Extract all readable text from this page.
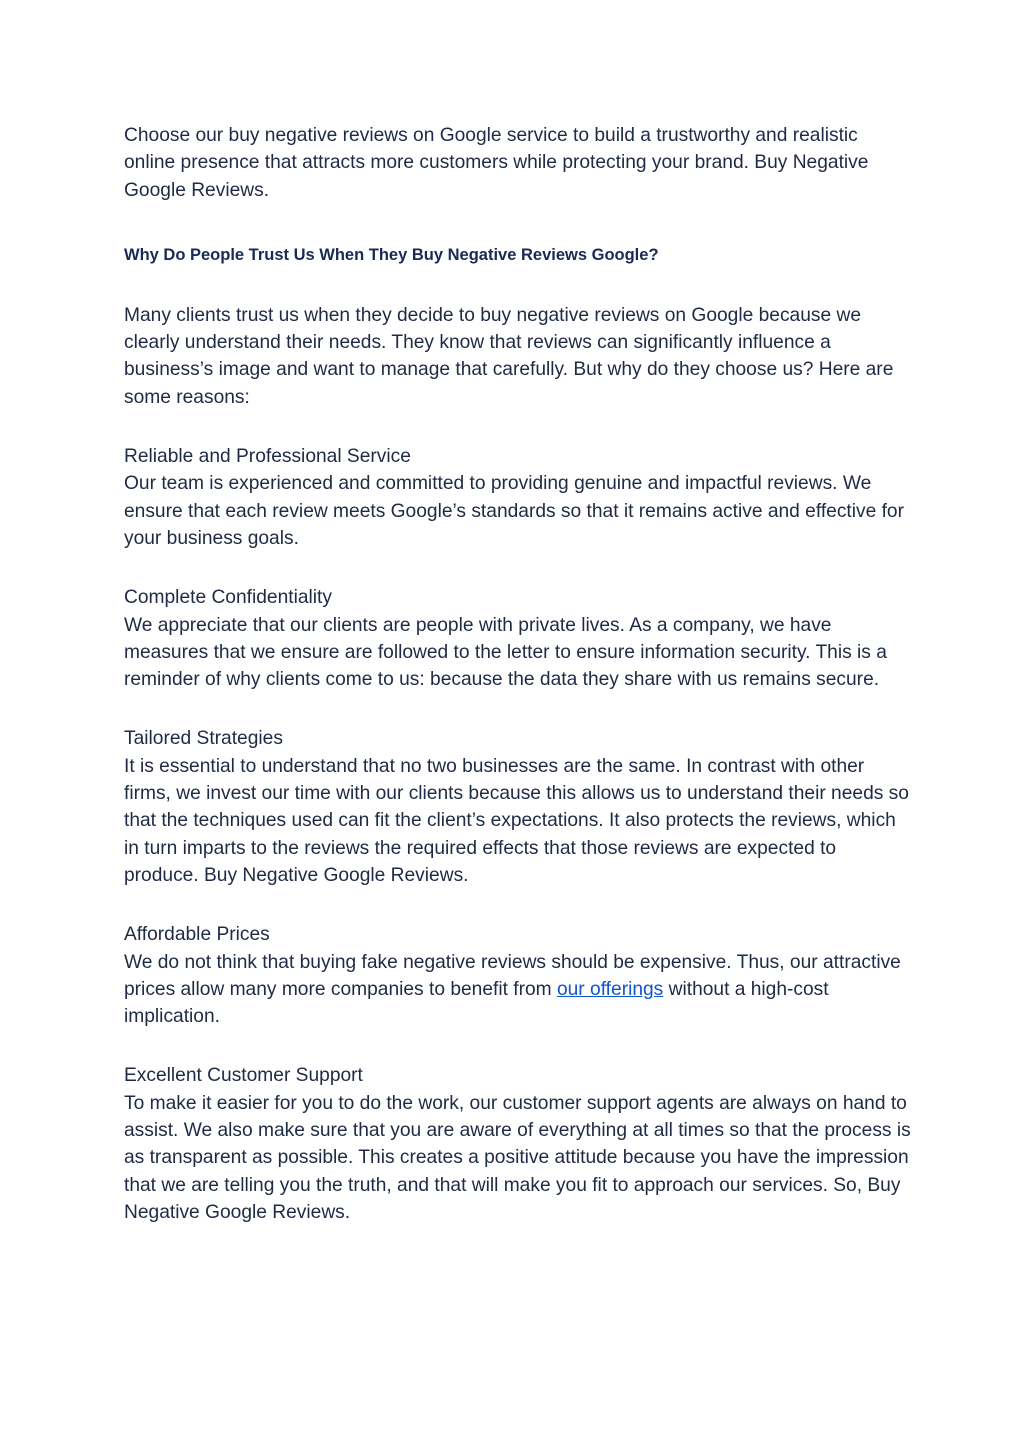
Choose our buy negative reviews on Google service to build a trustworthy and realistic online presence that attracts more customers while protecting your brand. Buy Negative Google Reviews.

Why Do People Trust Us When They Buy Negative Reviews Google?

Many clients trust us when they decide to buy negative reviews on Google because we clearly understand their needs. They know that reviews can significantly influence a business’s image and want to manage that carefully. But why do they choose us? Here are some reasons:

Reliable and Professional Service

Our team is experienced and committed to providing genuine and impactful reviews. We ensure that each review meets Google’s standards so that it remains active and effective for your business goals.

Complete Confidentiality

We appreciate that our clients are people with private lives. As a company, we have measures that we ensure are followed to the letter to ensure information security. This is a reminder of why clients come to us: because the data they share with us remains secure.

Tailored Strategies

It is essential to understand that no two businesses are the same. In contrast with other firms, we invest our time with our clients because this allows us to understand their needs so that the techniques used can fit the client’s expectations. It also protects the reviews, which in turn imparts to the reviews the required effects that those reviews are expected to produce. Buy Negative Google Reviews.

Affordable Prices

We do not think that buying fake negative reviews should be expensive. Thus, our attractive prices allow many more companies to benefit from our offerings without a high-cost implication.

Excellent Customer Support

To make it easier for you to do the work, our customer support agents are always on hand to assist. We also make sure that you are aware of everything at all times so that the process is as transparent as possible. This creates a positive attitude because you have the impression that we are telling you the truth, and that will make you fit to approach our services. So, Buy Negative Google Reviews.
